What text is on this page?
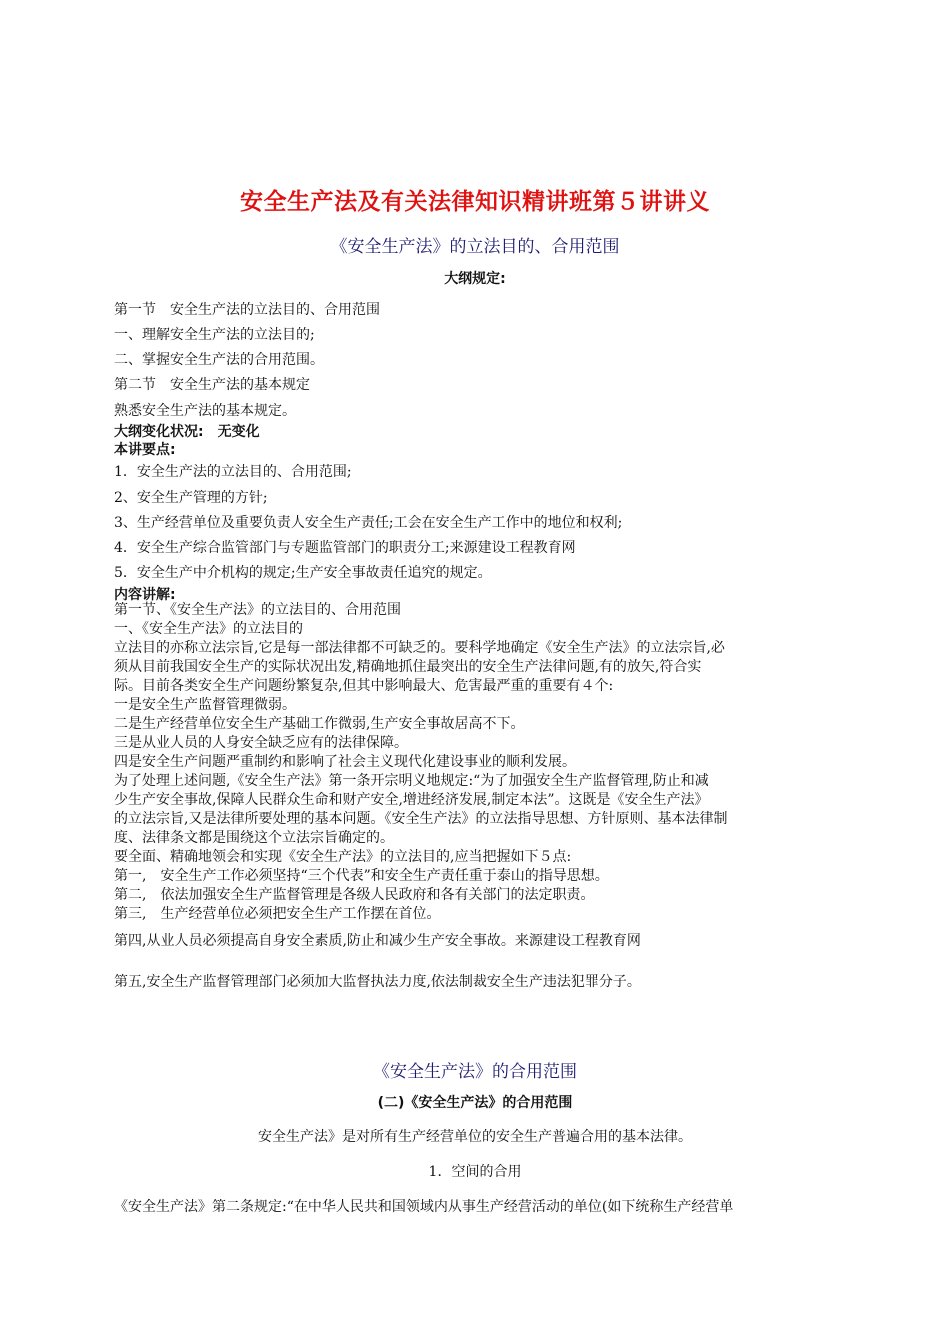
安全生产法及有关法律知识精讲班第５讲讲义
《安全生产法》的立法目的、合用范围
大纲规定:
第一节　安全生产法的立法目的、合用范围
一、理解安全生产法的立法目的;
二、掌握安全生产法的合用范围。
第二节　安全生产法的基本规定
熟悉安全生产法的基本规定。
大纲变化状况:　无变化
本讲要点:
1．安全生产法的立法目的、合用范围;
2、安全生产管理的方针;
3、生产经营单位及重要负责人安全生产责任;工会在安全生产工作中的地位和权利;
4．安全生产综合监管部门与专题监管部门的职责分工;来源建设工程教育网
5．安全生产中介机构的规定;生产安全事故责任追究的规定。
内容讲解:
第一节、《安全生产法》的立法目的、合用范围
一、《安全生产法》的立法目的
立法目的亦称立法宗旨,它是每一部法律都不可缺乏的。要科学地确定《安全生产法》的立法宗旨,必
须从目前我国安全生产的实际状况出发,精确地抓住最突出的安全生产法律问题,有的放矢,符合实
际。目前各类安全生产问题纷繁复杂,但其中影响最大、危害最严重的重要有４个:
一是安全生产监督管理微弱。
二是生产经营单位安全生产基础工作微弱,生产安全事故居高不下。
三是从业人员的人身安全缺乏应有的法律保障。
四是安全生产问题严重制约和影响了社会主义现代化建设事业的顺利发展。
为了处理上述问题,《安全生产法》第一条开宗明义地规定:“为了加强安全生产监督管理,防止和减
少生产安全事故,保障人民群众生命和财产安全,增进经济发展,制定本法”。这既是《安全生产法》
的立法宗旨,又是法律所要处理的基本问题。《安全生产法》的立法指导思想、方针原则、基本法律制
度、法律条文都是围绕这个立法宗旨确定的。
要全面、精确地领会和实现《安全生产法》的立法目的,应当把握如下５点:
第一,　安全生产工作必须坚持“三个代表”和安全生产责任重于泰山的指导思想。
第二,　依法加强安全生产监督管理是各级人民政府和各有关部门的法定职责。
第三,　生产经营单位必须把安全生产工作摆在首位。
第四,从业人员必须提高自身安全素质,防止和减少生产安全事故。来源建设工程教育网
第五,安全生产监督管理部门必须加大监督执法力度,依法制裁安全生产违法犯罪分子。
《安全生产法》的合用范围
(二)《安全生产法》的合用范围
安全生产法》是对所有生产经营单位的安全生产普遍合用的基本法律。
1．空间的合用
《安全生产法》第二条规定:“在中华人民共和国领域内从事生产经营活动的单位(如下统称生产经营单
